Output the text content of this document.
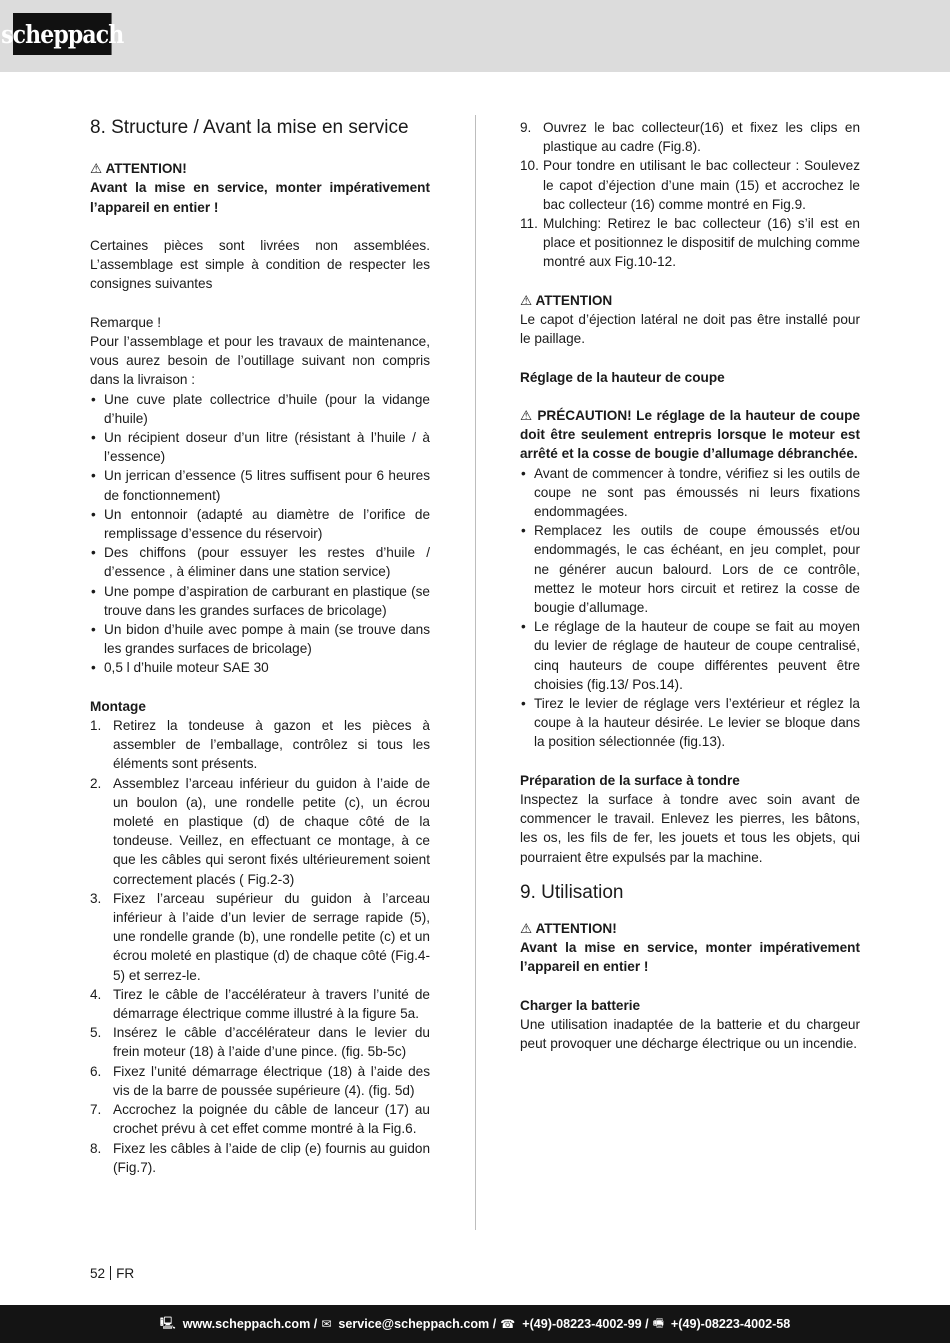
scheppach
8. Structure / Avant la mise en service

⚠ ATTENTION!

Avant la mise en service, monter impérativement l’appareil en entier !

Certaines pièces sont livrées non assemblées. L’assemblage est simple à condition de respecter les consignes suivantes

Remarque !

Pour l’assemblage et pour les travaux de maintenance, vous aurez besoin de l’outillage suivant non compris dans la livraison :

• Une cuve plate collectrice d’huile (pour la vidange d’huile)
• Un récipient doseur d’un litre (résistant à l’huile / à l’essence)
• Un jerrican d’essence (5 litres suffisent pour 6 heures de fonctionnement)
• Un entonnoir (adapté au diamètre de l’orifice de remplissage d’essence du réservoir)
• Des chiffons (pour essuyer les restes d’huile / d’essence , à éliminer dans une station service)
• Une pompe d’aspiration de carburant en plastique (se trouve dans les grandes surfaces de bricolage)
• Un bidon d’huile avec pompe à main (se trouve dans les grandes surfaces de bricolage)
• 0,5 l d’huile moteur SAE 30

Montage

1. Retirez la tondeuse à gazon et les pièces à assembler de l’emballage, contrôlez si tous les éléments sont présents.
2. Assemblez l’arceau inférieur du guidon à l’aide de un boulon (a), une rondelle petite (c), un écrou moleté en plastique (d) de chaque côté de la tondeuse. Veillez, en effectuant ce montage, à ce que les câbles qui seront fixés ultérieurement soient correctement placés ( Fig.2-3)
3. Fixez l’arceau supérieur du guidon à l’arceau inférieur à l’aide d’un levier de serrage rapide (5), une rondelle grande (b), une rondelle petite (c) et un écrou moleté en plastique (d) de chaque côté (Fig.4-5) et serrez-le.
4. Tirez le câble de l’accélérateur à travers l’unité de démarrage électrique comme illustré à la figure 5a.
5. Insérez le câble d’accélérateur dans le levier du frein moteur (18) à l’aide d’une pince. (fig. 5b-5c)
6. Fixez l’unité démarrage électrique (18) à l’aide des vis de la barre de poussée supérieure (4). (fig. 5d)
7. Accrochez la poignée du câble de lanceur (17) au crochet prévu à cet effet comme montré à la Fig.6.
8. Fixez les câbles à l’aide de clip (e) fournis au guidon (Fig.7).
9. Ouvrez le bac collecteur(16) et fixez les clips en plastique au cadre (Fig.8).
10. Pour tondre en utilisant le bac collecteur : Soulevez le capot d’éjection d’une main (15) et accrochez le bac collecteur (16) comme montré en Fig.9.
11. Mulching: Retirez le bac collecteur (16) s’il est en place et positionnez le dispositif de mulching comme montré aux Fig.10-12.

⚠ ATTENTION

Le capot d’éjection latéral ne doit pas être installé pour le paillage.

Réglage de la hauteur de coupe

⚠ PRÉCAUTION! Le réglage de la hauteur de coupe doit être seulement entrepris lorsque le moteur est arrêté et la cosse de bougie d’allumage débranchée.

• Avant de commencer à tondre, vérifiez si les outils de coupe ne sont pas émoussés ni leurs fixations endommagées.
• Remplacez les outils de coupe émoussés et/ou endommagés, le cas échéant, en jeu complet, pour ne générer aucun balourd. Lors de ce contrôle, mettez le moteur hors circuit et retirez la cosse de bougie d’allumage.
• Le réglage de la hauteur de coupe se fait au moyen du levier de réglage de hauteur de coupe centralisé, cinq hauteurs de coupe différentes peuvent être choisies (fig.13/ Pos.14).
• Tirez le levier de réglage vers l’extérieur et réglez la coupe à la hauteur désirée. Le levier se bloque dans la position sélectionnée (fig.13).

Préparation de la surface à tondre

Inspectez la surface à tondre avec soin avant de commencer le travail. Enlevez les pierres, les bâtons, les os, les fils de fer, les jouets et tous les objets, qui pourraient être expulsés par la machine.

9. Utilisation

⚠ ATTENTION!

Avant la mise en service, monter impérativement l’appareil en entier !

Charger la batterie

Une utilisation inadaptée de la batterie et du chargeur peut provoquer une décharge électrique ou un incendie.

52 FR
🖳 www.scheppach.com / ✉ service@scheppach.com / ☎ +(49)-08223-4002-99 / 🖷 +(49)-08223-4002-58
